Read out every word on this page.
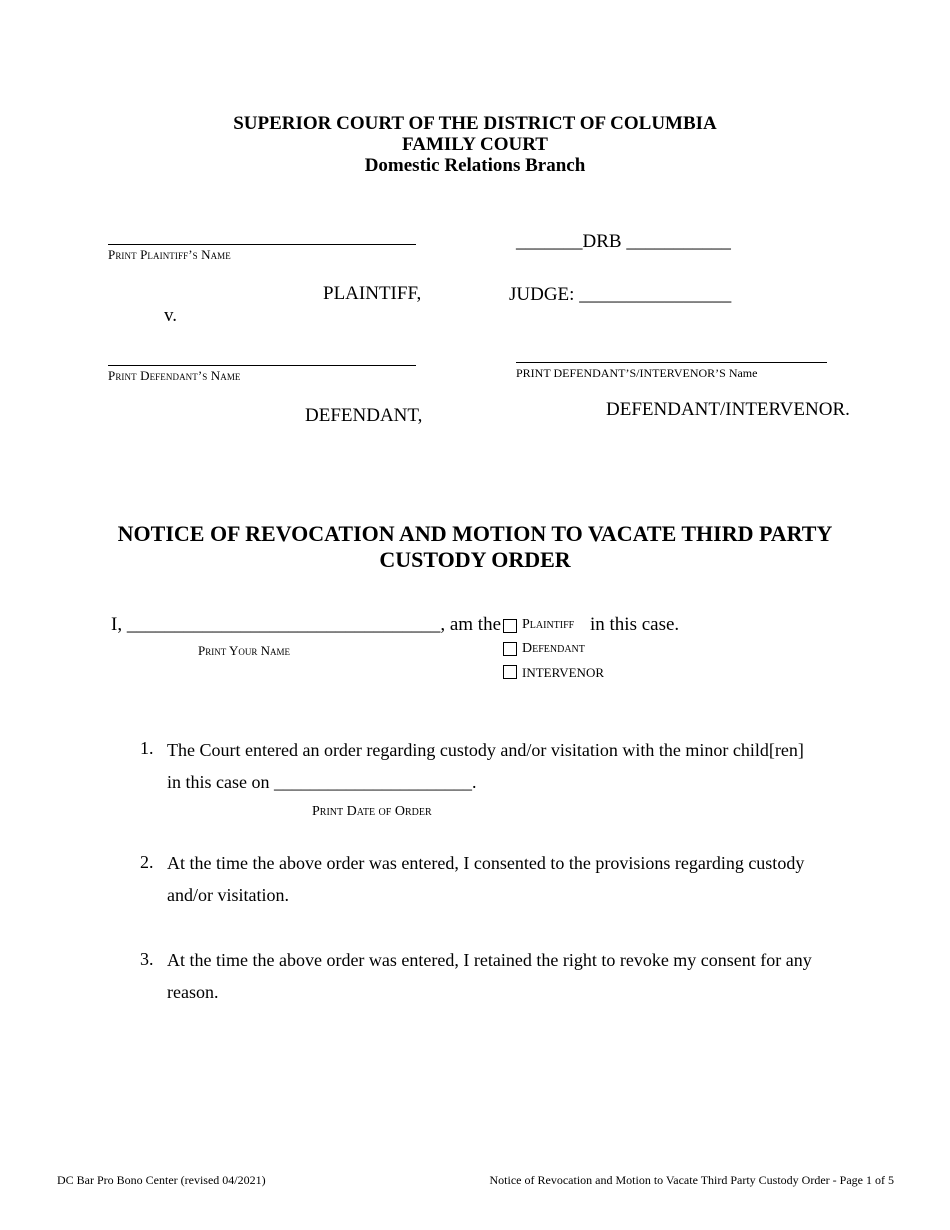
SUPERIOR COURT OF THE DISTRICT OF COLUMBIA
FAMILY COURT
Domestic Relations Branch
Print Plaintiff’s Name
PLAINTIFF,
v.
Print Defendant’s Name
DEFENDANT,
_______DRB ___________
JUDGE: ________________
PRINT DEFENDANT’S/INTERVENOR’S Name
DEFENDANT/INTERVENOR.
NOTICE OF REVOCATION AND MOTION TO VACATE THIRD PARTY
CUSTODY ORDER
I, _________________________________, am the
Print Your Name
Plaintiff in this case.
Defendant
INTERVENOR
1. The Court entered an order regarding custody and/or visitation with the minor child[ren]
in this case on ______________________.
Print Date of Order
2. At the time the above order was entered, I consented to the provisions regarding custody and/or visitation.
3. At the time the above order was entered, I retained the right to revoke my consent for any reason.
DC Bar Pro Bono Center (revised 04/2021)	Notice of Revocation and Motion to Vacate Third Party Custody Order - Page 1 of 5
